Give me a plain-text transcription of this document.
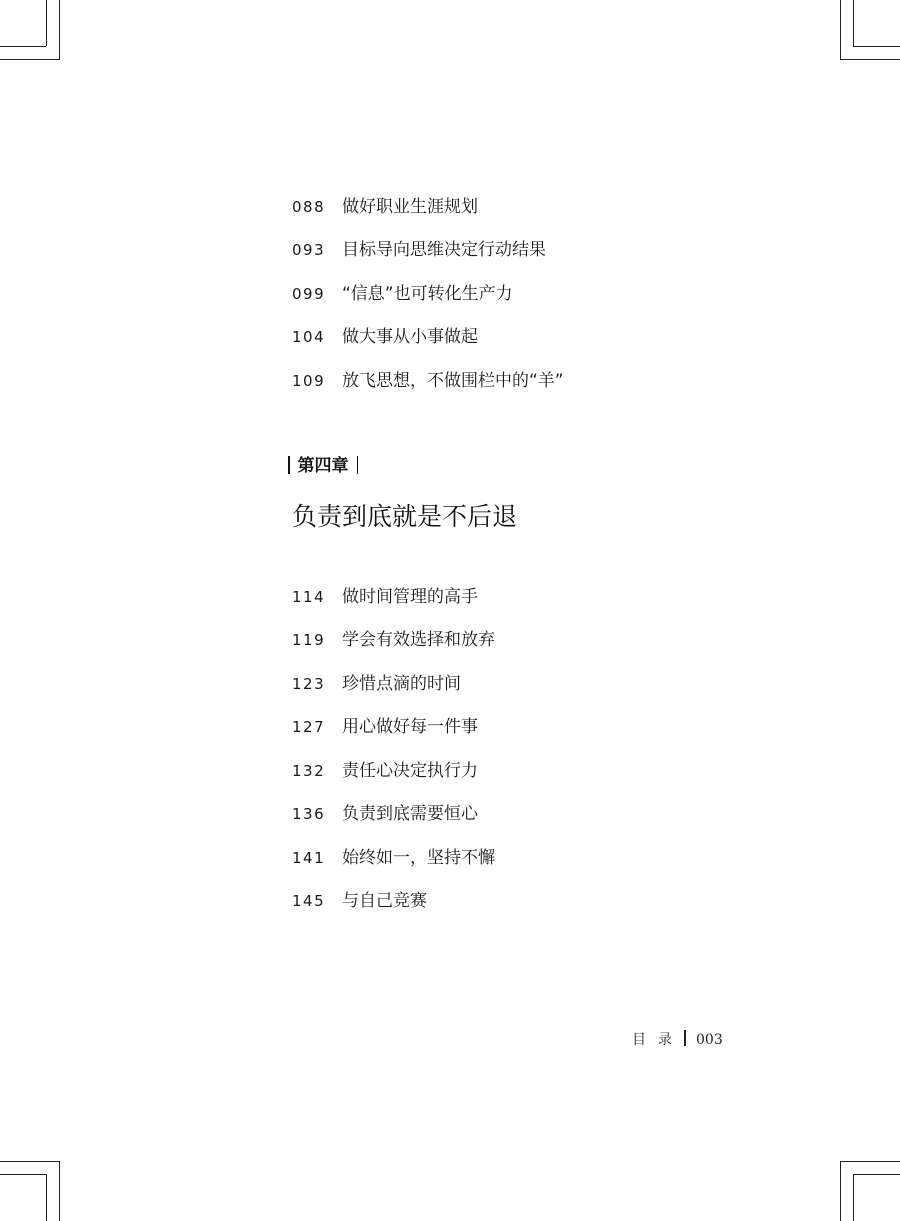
088 做好职业生涯规划
093 目标导向思维决定行动结果
099 “信息”也可转化生产力
104 做大事从小事做起
109 放飞思想，不做围栏中的“羊”
第四章
负责到底就是不后退
114 做时间管理的高手
119 学会有效选择和放弃
123 珍惜点滴的时间
127 用心做好每一件事
132 责任心决定执行力
136 负责到底需要恒心
141 始终如一，坚持不懈
145 与自己竞赛
目录 003
